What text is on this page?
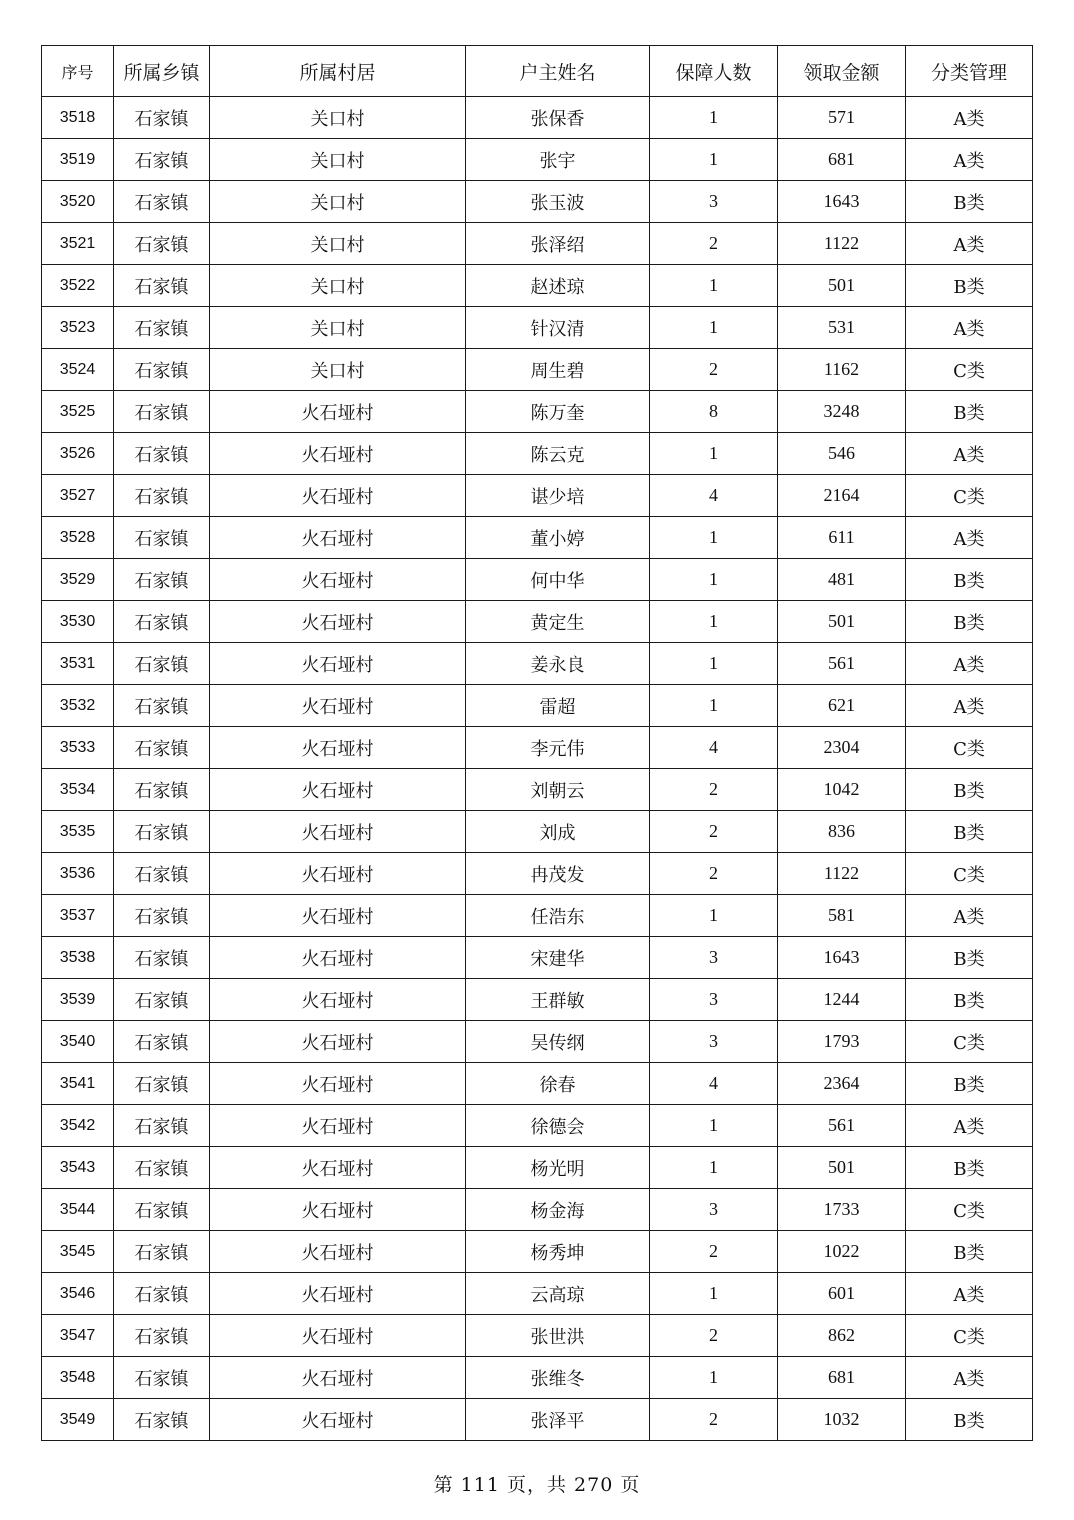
序号	所属乡镇	所属村居	户主姓名	保障人数	领取金额	分类管理
3518	石家镇	关口村	张保香	1	571	A类
3519	石家镇	关口村	张宇	1	681	A类
3520	石家镇	关口村	张玉波	3	1643	B类
3521	石家镇	关口村	张泽绍	2	1122	A类
3522	石家镇	关口村	赵述琼	1	501	B类
3523	石家镇	关口村	针汉清	1	531	A类
3524	石家镇	关口村	周生碧	2	1162	C类
3525	石家镇	火石垭村	陈万奎	8	3248	B类
3526	石家镇	火石垭村	陈云克	1	546	A类
3527	石家镇	火石垭村	谌少培	4	2164	C类
3528	石家镇	火石垭村	董小婷	1	611	A类
3529	石家镇	火石垭村	何中华	1	481	B类
3530	石家镇	火石垭村	黄定生	1	501	B类
3531	石家镇	火石垭村	姜永良	1	561	A类
3532	石家镇	火石垭村	雷超	1	621	A类
3533	石家镇	火石垭村	李元伟	4	2304	C类
3534	石家镇	火石垭村	刘朝云	2	1042	B类
3535	石家镇	火石垭村	刘成	2	836	B类
3536	石家镇	火石垭村	冉茂发	2	1122	C类
3537	石家镇	火石垭村	任浩东	1	581	A类
3538	石家镇	火石垭村	宋建华	3	1643	B类
3539	石家镇	火石垭村	王群敏	3	1244	B类
3540	石家镇	火石垭村	吴传纲	3	1793	C类
3541	石家镇	火石垭村	徐春	4	2364	B类
3542	石家镇	火石垭村	徐德会	1	561	A类
3543	石家镇	火石垭村	杨光明	1	501	B类
3544	石家镇	火石垭村	杨金海	3	1733	C类
3545	石家镇	火石垭村	杨秀坤	2	1022	B类
3546	石家镇	火石垭村	云高琼	1	601	A类
3547	石家镇	火石垭村	张世洪	2	862	C类
3548	石家镇	火石垭村	张维冬	1	681	A类
3549	石家镇	火石垭村	张泽平	2	1032	B类
第 111 页，共 270 页
